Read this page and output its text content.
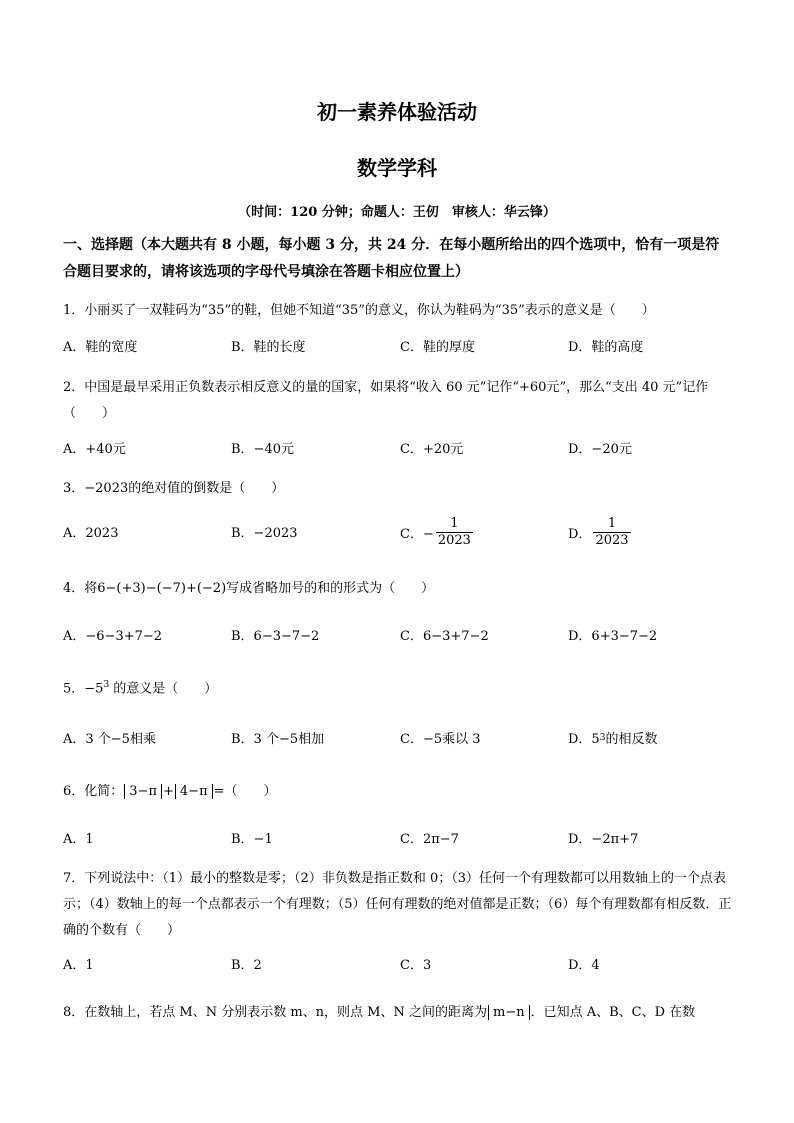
初一素养体验活动
数学学科
（时间：120 分钟；命题人：王仞　审核人：华云锋）
一、选择题（本大题共有 8 小题，每小题 3 分，共 24 分．在每小题所给出的四个选项中，恰有一项是符合题目要求的，请将该选项的字母代号填涂在答题卡相应位置上）
1．小丽买了一双鞋码为“35”的鞋，但她不知道“35”的意义，你认为鞋码为“35”表示的意义是（　　）
A．鞋的宽度	B．鞋的长度	C．鞋的厚度	D．鞋的高度
2．中国是最早采用正负数表示相反意义的量的国家，如果将“收入 60 元”记作“+60元”，那么“支出 40 元”记作（　　）
A．+40元	B．−40元	C．+20元	D．−20元
3．−2023的绝对值的倒数是（　　）
A．2023	B．−2023	C．− $\frac{1}{2023}$	D． $\frac{1}{2023}$
4．将6−(+3)−(−7)+(−2)写成省略加号的和的形式为（　　）
A．−6−3+7−2	B．6−3−7−2	C．6−3+7−2	D．6+3−7−2
5．$-5^3$ 的意义是（　　）
A．3 个−5相乘	B．3 个−5相加	C．−5乘以 3	D．5 3 的相反数
6．化简： 3−π + 4−π =（　　）
A．1	B．−1	C．2π−7	D．−2π+7
7．下列说法中：（1）最小的整数是零；（2）非负数是指正数和 0；（3）任何一个有理数都可以用数轴上的一个点表示；（4）数轴上的每一个点都表示一个有理数；（5）任何有理数的绝对值都是正数；（6）每个有理数都有相反数．正确的个数有（　　）
A．1	B．2	C．3	D．4
8．在数轴上，若点 M、N 分别表示数 m、n，则点 M、N 之间的距离为 m−n ．已知点 A、B、C、D 在数
